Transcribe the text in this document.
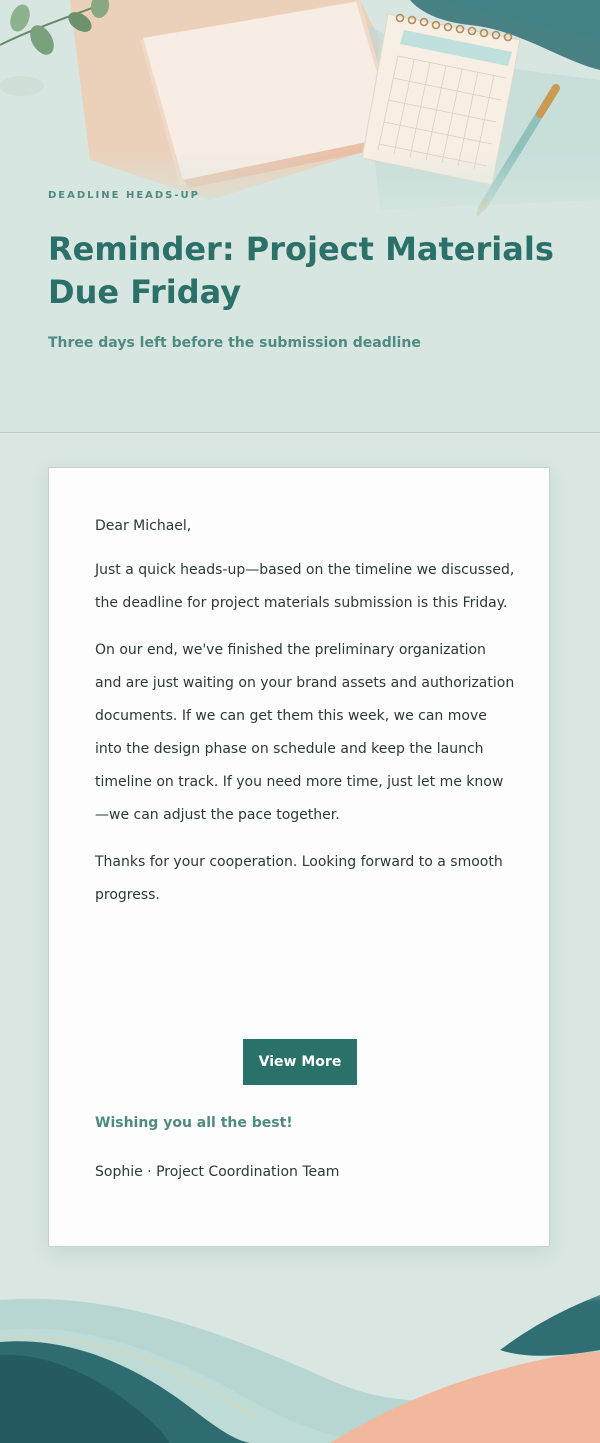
DEADLINE HEADS-UP
Reminder: Project Materials Due Friday
Three days left before the submission deadline

Dear Michael,

Just a quick heads-up—based on the timeline we discussed, the deadline for project materials submission is this Friday.

On our end, we've finished the preliminary organization and are just waiting on your brand assets and authorization documents. If we can get them this week, we can move into the design phase on schedule and keep the launch timeline on track. If you need more time, just let me know—we can adjust the pace together.

Thanks for your cooperation. Looking forward to a smooth progress.

View More
Wishing you all the best!
Sophie · Project Coordination Team
